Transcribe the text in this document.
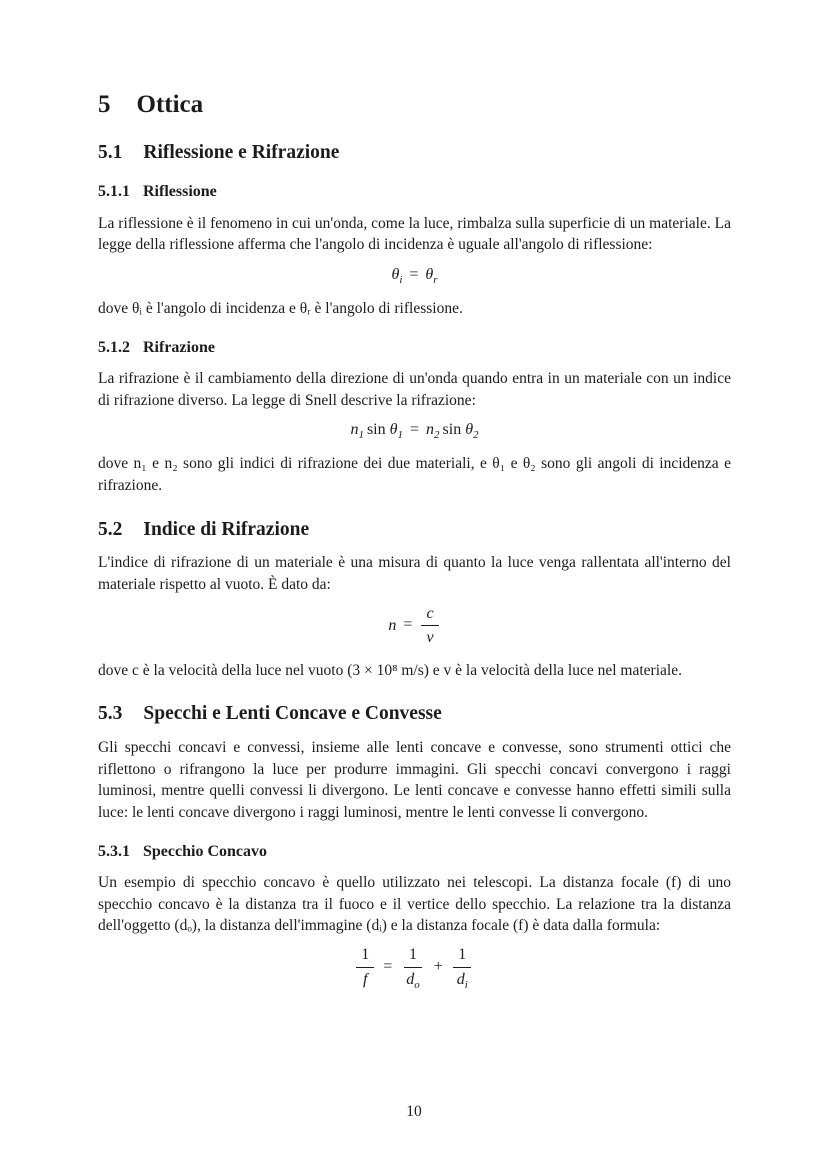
5 Ottica
5.1 Riflessione e Rifrazione
5.1.1 Riflessione

La riflessione è il fenomeno in cui un'onda, come la luce, rimbalza sulla superficie di un materiale. La legge della riflessione afferma che l'angolo di incidenza è uguale all'angolo di riflessione:

$\theta_i = \theta_r$

dove θᵢ è l'angolo di incidenza e θᵣ è l'angolo di riflessione.

5.1.2 Rifrazione

La rifrazione è il cambiamento della direzione di un'onda quando entra in un materiale con un indice di rifrazione diverso. La legge di Snell descrive la rifrazione:

$n_1$ $\sin \theta_1 = n_2$ $\sin \theta_2$

dove n₁ e n₂ sono gli indici di rifrazione dei due materiali, e θ₁ e θ₂ sono gli angoli di incidenza e rifrazione.

5.2 Indice di Rifrazione

L'indice di rifrazione di un materiale è una misura di quanto la luce venga rallentata all'interno del materiale rispetto al vuoto. È dato da:

$n = \frac{c}{v}$

dove c è la velocità della luce nel vuoto (3 × 10⁸ m/s) e v è la velocità della luce nel materiale.

5.3 Specchi e Lenti Concave e Convesse

Gli specchi concavi e convessi, insieme alle lenti concave e convesse, sono strumenti ottici che riflettono o rifrangono la luce per produrre immagini. Gli specchi concavi convergono i raggi luminosi, mentre quelli convessi li divergono. Le lenti concave e convesse hanno effetti simili sulla luce: le lenti concave divergono i raggi luminosi, mentre le lenti convesse li convergono.

5.3.1 Specchio Concavo

Un esempio di specchio concavo è quello utilizzato nei telescopi. La distanza focale (f) di uno specchio concavo è la distanza tra il fuoco e il vertice dello specchio. La relazione tra la distanza dell'oggetto (dₒ), la distanza dell'immagine (dᵢ) e la distanza focale (f) è data dalla formula:

$\frac{1}{f} = \frac{1}{d_o} + \frac{1}{d_i}$
10
